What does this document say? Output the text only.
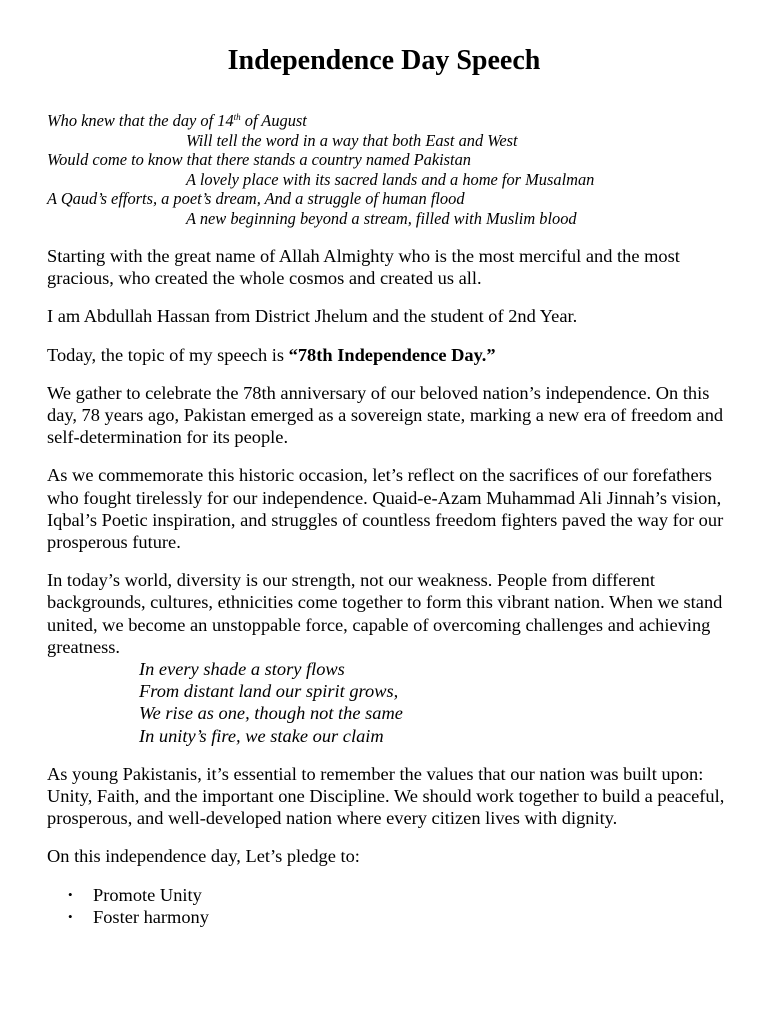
Independence Day Speech
Who knew that the day of 14th of August
Will tell the word in a way that both East and West
Would come to know that there stands a country named Pakistan
A lovely place with its sacred lands and a home for Musalman
A Qaud’s efforts, a poet’s dream, And a struggle of human flood
A new beginning beyond a stream, filled with Muslim blood

Starting with the great name of Allah Almighty who is the most merciful and the most gracious, who created the whole cosmos and created us all.

I am Abdullah Hassan from District Jhelum and the student of 2nd Year.

Today, the topic of my speech is “78th Independence Day.”

We gather to celebrate the 78th anniversary of our beloved nation’s independence. On this day, 78 years ago, Pakistan emerged as a sovereign state, marking a new era of freedom and self-determination for its people.

As we commemorate this historic occasion, let’s reflect on the sacrifices of our forefathers who fought tirelessly for our independence. Quaid-e-Azam Muhammad Ali Jinnah’s vision, Iqbal’s Poetic inspiration, and struggles of countless freedom fighters paved the way for our prosperous future.

In today’s world, diversity is our strength, not our weakness. People from different backgrounds, cultures, ethnicities come together to form this vibrant nation. When we stand united, we become an unstoppable force, capable of overcoming challenges and achieving greatness.

In every shade a story flows
From distant land our spirit grows,
We rise as one, though not the same
In unity’s fire, we stake our claim

As young Pakistanis, it’s essential to remember the values that our nation was built upon: Unity, Faith, and the important one Discipline. We should work together to build a peaceful, prosperous, and well-developed nation where every citizen lives with dignity.

On this independence day, Let’s pledge to:

• Promote Unity
• Foster harmony
